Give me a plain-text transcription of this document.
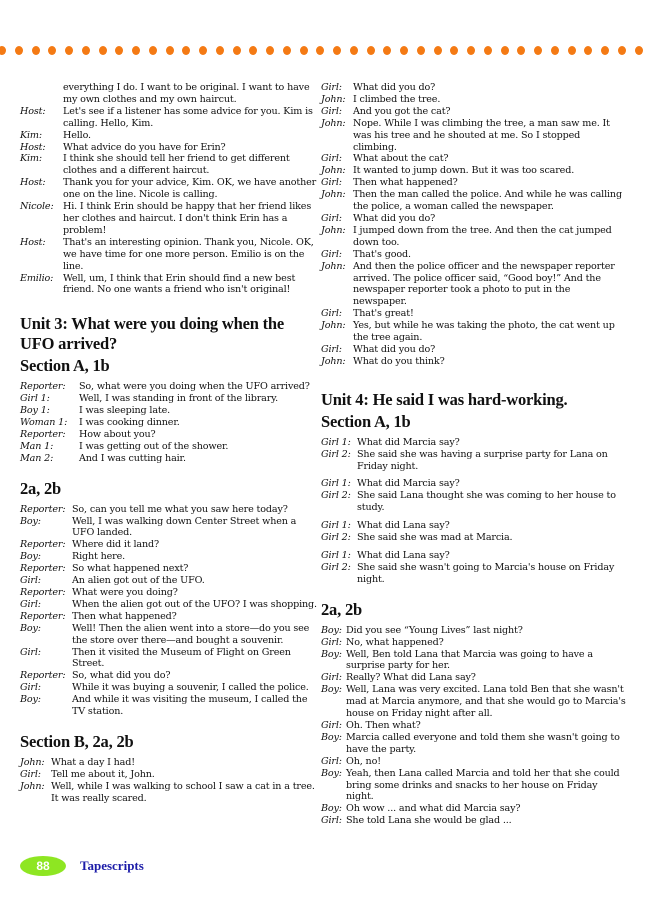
everything I do. I want to be original. I want to have my own clothes and my own haircut.
Host:	Let's see if a listener has some advice for you. Kim is calling. Hello, Kim.
Kim:	Hello.
Host:	What advice do you have for Erin?
Kim:	I think she should tell her friend to get different clothes and a different haircut.
Host:	Thank you for your advice, Kim. OK, we have another one on the line. Nicole is calling.
Nicole: Hi. I think Erin should be happy that her friend likes her clothes and haircut. I don't think Erin has a problem!
Host:	That's an interesting opinion. Thank you, Nicole. OK, we have time for one more person. Emilio is on the line.
Emilio:	Well, um, I think that Erin should find a new best friend. No one wants a friend who isn't original!
Unit 3: What were you doing when the UFO arrived?
Section A, 1b
Reporter:	So, what were you doing when the UFO arrived?
Girl 1:	Well, I was standing in front of the library.
Boy 1:	I was sleeping late.
Woman 1:	I was cooking dinner.
Reporter:	How about you?
Man 1:	I was getting out of the shower.
Man 2:	And I was cutting hair.
2a, 2b
Reporter: So, can you tell me what you saw here today?
Boy:	Well, I was walking down Center Street when a UFO landed.
Reporter: Where did it land?
Boy:	Right here.
Reporter: So what happened next?
Girl:	An alien got out of the UFO.
Reporter: What were you doing?
Girl:	When the alien got out of the UFO? I was shopping.
Reporter: Then what happened?
Boy:	Well! Then the alien went into a store—do you see the store over there—and bought a souvenir.
Girl:	Then it visited the Museum of Flight on Green Street.
Reporter: So, what did you do?
Girl:	While it was buying a souvenir, I called the police.
Boy:	And while it was visiting the museum, I called the TV station.
Section B, 2a, 2b
John: What a day I had!
Girl:	Tell me about it, John.
John: Well, while I was walking to school I saw a cat in a tree. It was really scared.
Girl:	What did you do?
John: I climbed the tree.
Girl:	And you got the cat?
John: Nope. While I was climbing the tree, a man saw me. It was his tree and he shouted at me. So I stopped climbing.
Girl:	What about the cat?
John: It wanted to jump down. But it was too scared.
Girl:	Then what happened?
John: Then the man called the police. And while he was calling the police, a woman called the newspaper.
Girl:	What did you do?
John: I jumped down from the tree. And then the cat jumped down too.
Girl:	That's good.
John: And then the police officer and the newspaper reporter arrived. The police officer said, “Good boy!” And the newspaper reporter took a photo to put in the newspaper.
Girl:	That's great!
John: Yes, but while he was taking the photo, the cat went up the tree again.
Girl:	What did you do?
John: What do you think?
Unit 4: He said I was hard-working.
Section A, 1b
Girl 1: What did Marcia say?
Girl 2: She said she was having a surprise party for Lana on Friday night.
Girl 1: What did Marcia say?
Girl 2: She said Lana thought she was coming to her house to study.
Girl 1: What did Lana say?
Girl 2: She said she was mad at Marcia.
Girl 1: What did Lana say?
Girl 2: She said she wasn't going to Marcia's house on Friday night.
2a, 2b
Boy: Did you see “Young Lives” last night?
Girl: No, what happened?
Boy: Well, Ben told Lana that Marcia was going to have a surprise party for her.
Girl: Really? What did Lana say?
Boy: Well, Lana was very excited. Lana told Ben that she wasn't mad at Marcia anymore, and that she would go to Marcia's house on Friday night after all.
Girl: Oh. Then what?
Boy: Marcia called everyone and told them she wasn't going to have the party.
Girl: Oh, no!
Boy: Yeah, then Lana called Marcia and told her that she could bring some drinks and snacks to her house on Friday night.
Boy: Oh wow ... and what did Marcia say?
Girl: She told Lana she would be glad ...
88	Tapescripts
